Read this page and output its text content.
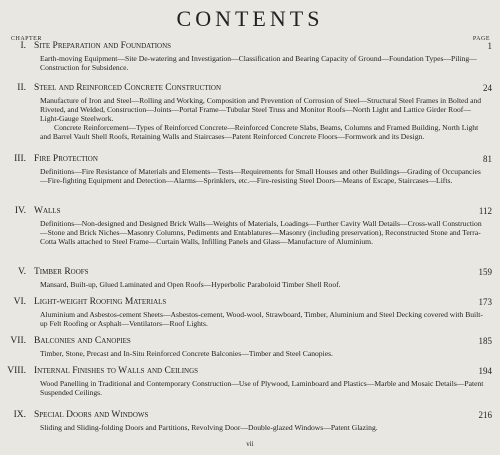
CONTENTS
CHAPTER	PAGE
I. Site Preparation and Foundations	1

Earth-moving Equipment—Site De-watering and Investigation—Classification and Bearing Capacity of Ground—Foundation Types—Piling—Construction for Subsidence.

II. Steel and Reinforced Concrete Construction	24

Manufacture of Iron and Steel—Rolling and Working, Composition and Prevention of Corrosion of Steel—Structural Steel Frames in Bolted and Riveted, and Welded, Construction—Joints—Portal Frame—Tubular Steel Truss and Monitor Roofs—North Light and Lattice Girder Roof—Light-Gauge Steelwork.

Concrete Reinforcement—Types of Reinforced Concrete—Reinforced Concrete Slabs, Beams, Columns and Framed Building, North Light and Barrel Vault Shell Roofs, Retaining Walls and Staircases—Patent Reinforced Concrete Floors—Formwork and its Design.

III. Fire Protection	81

Definitions—Fire Resistance of Materials and Elements—Tests—Requirements for Small Houses and other Buildings—Grading of Occupancies—Fire-fighting Equipment and Detection—Alarms—Sprinklers, etc.—Fire-resisting Steel Doors—Means of Escape, Staircases—Lifts.

IV. Walls	112

Definitions—Non-designed and Designed Brick Walls—Weights of Materials, Loadings—Further Cavity Wall Details—Cross-wall Construction—Stone and Brick Niches—Masonry Columns, Pediments and Entablatures—Masonry (including preservation), Reconstructed Stone and Terra-Cotta Walls attached to Steel Frame—Curtain Walls, Infilling Panels and Glass—Manufacture of Aluminium.

V. Timber Roofs	159

Mansard, Built-up, Glued Laminated and Open Roofs—Hyperbolic Paraboloid Timber Shell Roof.

VI. Light-weight Roofing Materials	173

Aluminium and Asbestos-cement Sheets—Asbestos-cement, Wood-wool, Strawboard, Timber, Aluminium and Steel Decking covered with Built-up Felt Roofing or Asphalt—Ventilators—Roof Lights.

VII. Balconies and Canopies	185

Timber, Stone, Precast and In-Situ Reinforced Concrete Balconies—Timber and Steel Canopies.

VIII. Internal Finishes to Walls and Ceilings	194

Wood Panelling in Traditional and Contemporary Construction—Use of Plywood, Laminboard and Plastics—Marble and Mosaic Details—Patent Suspended Ceilings.

IX. Special Doors and Windows	216

Sliding and Sliding-folding Doors and Partitions, Revolving Door—Double-glazed Windows—Patent Glazing.

vii
